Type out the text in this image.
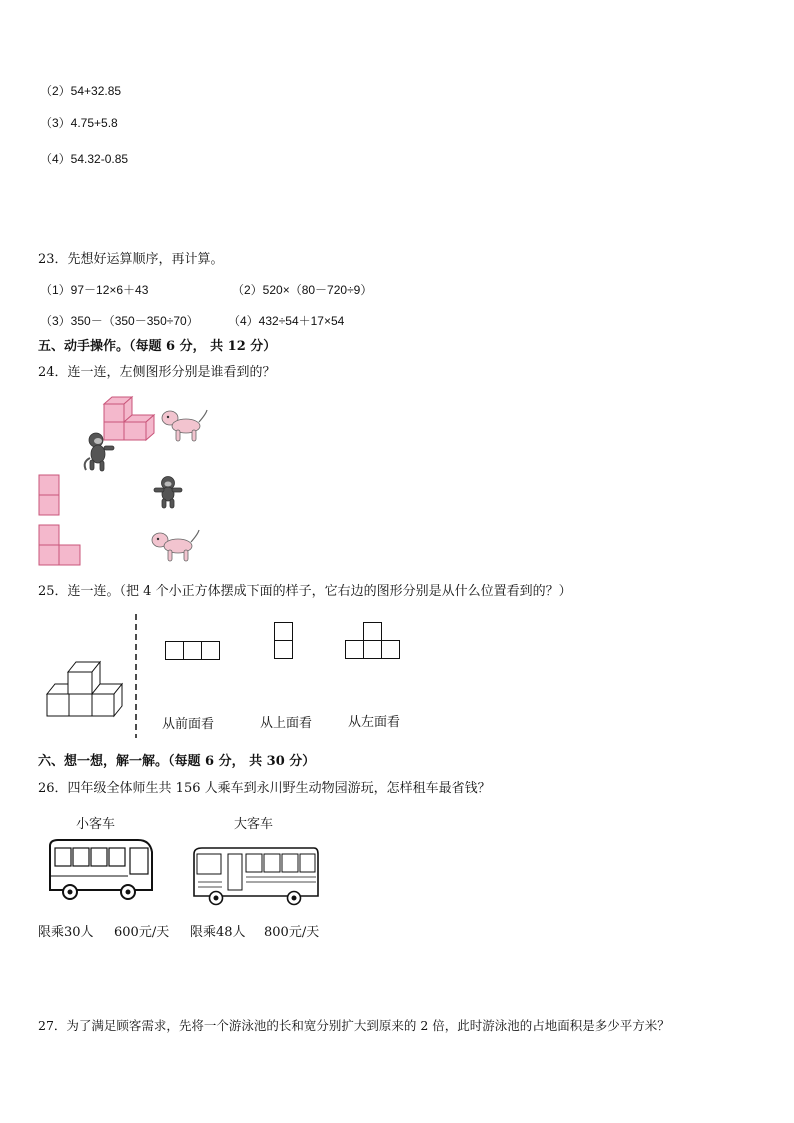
（2）54+32.85
（3）4.75+5.8
（4）54.32-0.85
23．先想好运算顺序，再计算。
（1）97－12×6＋43	（2）520×（80－720÷9）
（3）350－（350－350÷70） （4）432÷54＋17×54
五、动手操作。（每题 6 分， 共 12 分）
24．连一连，左侧图形分别是谁看到的？
25．连一连。（把 4 个小正方体摆成下面的样子，它右边的图形分别是从什么位置看到的？）
从前面看	从上面看	从左面看
六、想一想，解一解。（每题 6 分， 共 30 分）
26．四年级全体师生共 156 人乘车到永川野生动物园游玩，怎样租车最省钱？
小客车	大客车
限乘30人 600元/天 限乘48人 800元/天
27．为了满足顾客需求，先将一个游泳池的长和宽分别扩大到原来的 2 倍，此时游泳池的占地面积是多少平方米？
